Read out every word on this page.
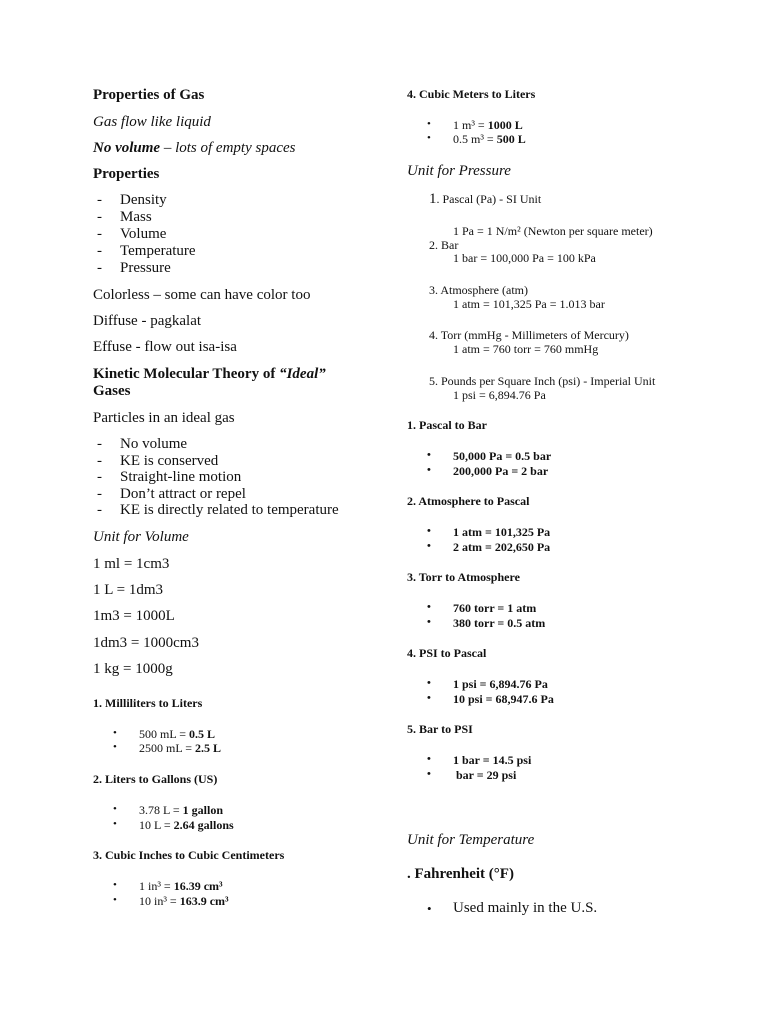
Properties of Gas
Gas flow like liquid
No volume – lots of empty spaces
Properties
- Density
- Mass
- Volume
- Temperature
- Pressure
Colorless – some can have color too
Diffuse - pagkalat
Effuse - flow out isa-isa
Kinetic Molecular Theory of “Ideal”
Gases
Particles in an ideal gas
- No volume
- KE is conserved
- Straight-line motion
- Don’t attract or repel
- KE is directly related to temperature
Unit for Volume
1 ml = 1cm3
1 L = 1dm3
1m3 = 1000L
1dm3 = 1000cm3
1 kg = 1000g
1. Milliliters to Liters
• 500 mL = 0.5 L
• 2500 mL = 2.5 L
2. Liters to Gallons (US)
• 3.78 L = 1 gallon
• 10 L = 2.64 gallons
3. Cubic Inches to Cubic Centimeters
• 1 in³ = 16.39 cm³
• 10 in³ = 163.9 cm³
4. Cubic Meters to Liters
• 1 m³ = 1000 L
• 0.5 m³ = 500 L
Unit for Pressure
1. Pascal (Pa) - SI Unit
1 Pa = 1 N/m² (Newton per square meter)
2. Bar
1 bar = 100,000 Pa = 100 kPa
3. Atmosphere (atm)
1 atm = 101,325 Pa = 1.013 bar
4. Torr (mmHg - Millimeters of Mercury)
1 atm = 760 torr = 760 mmHg
5. Pounds per Square Inch (psi) - Imperial Unit
1 psi = 6,894.76 Pa
1. Pascal to Bar
• 50,000 Pa = 0.5 bar
• 200,000 Pa = 2 bar
2. Atmosphere to Pascal
• 1 atm = 101,325 Pa
• 2 atm = 202,650 Pa
3. Torr to Atmosphere
• 760 torr = 1 atm
• 380 torr = 0.5 atm
4. PSI to Pascal
• 1 psi = 6,894.76 Pa
• 10 psi = 68,947.6 Pa
5. Bar to PSI
• 1 bar = 14.5 psi
• bar = 29 psi
Unit for Temperature
. Fahrenheit (°F)
• Used mainly in the U.S.
